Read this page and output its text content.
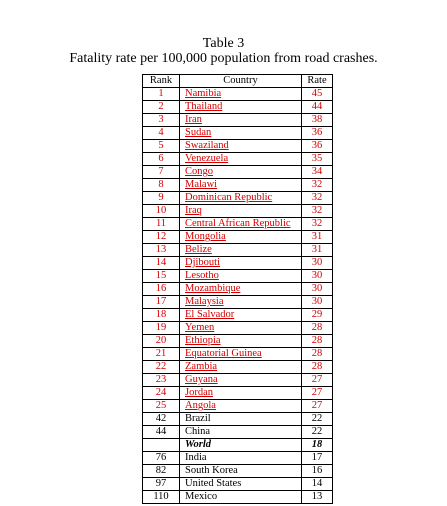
Table 3
Fatality rate per 100,000 population from road crashes.
Rank	Country	Rate
1	Namibia	45
2	Thailand	44
3	Iran	38
4	Sudan	36
5	Swaziland	36
6	Venezuela	35
7	Congo	34
8	Malawi	32
9	Dominican Republic	32
10	Iraq	32
11	Central African Republic	32
12	Mongolia	31
13	Belize	31
14	Djibouti	30
15	Lesotho	30
16	Mozambique	30
17	Malaysia	30
18	El Salvador	29
19	Yemen	28
20	Ethiopia	28
21	Equatorial Guinea	28
22	Zambia	28
23	Guyana	27
24	Jordan	27
25	Angola	27
42	Brazil	22
44	China	22
	World	18
76	India	17
82	South Korea	16
97	United States	14
110	Mexico	13
